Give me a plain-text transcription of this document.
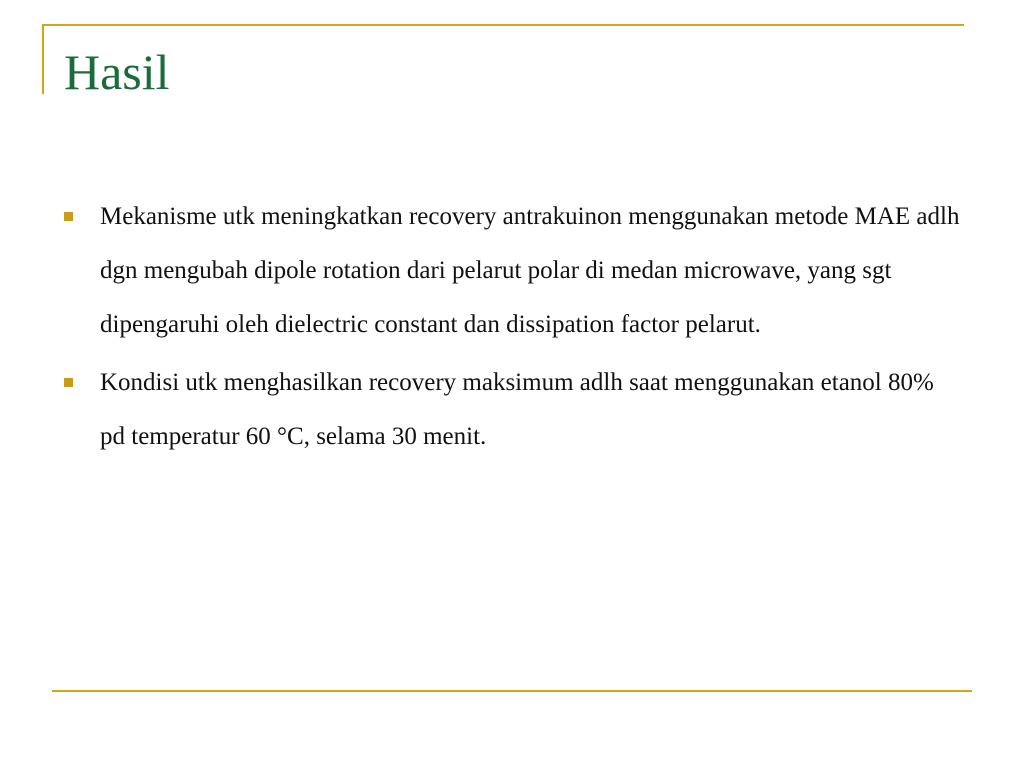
Hasil
Mekanisme utk meningkatkan recovery antrakuinon menggunakan metode MAE adlh dgn mengubah dipole rotation dari pelarut polar di medan microwave, yang sgt dipengaruhi oleh dielectric constant dan dissipation factor pelarut.
Kondisi utk menghasilkan recovery maksimum adlh saat menggunakan etanol 80% pd temperatur 60 °C, selama 30 menit.
